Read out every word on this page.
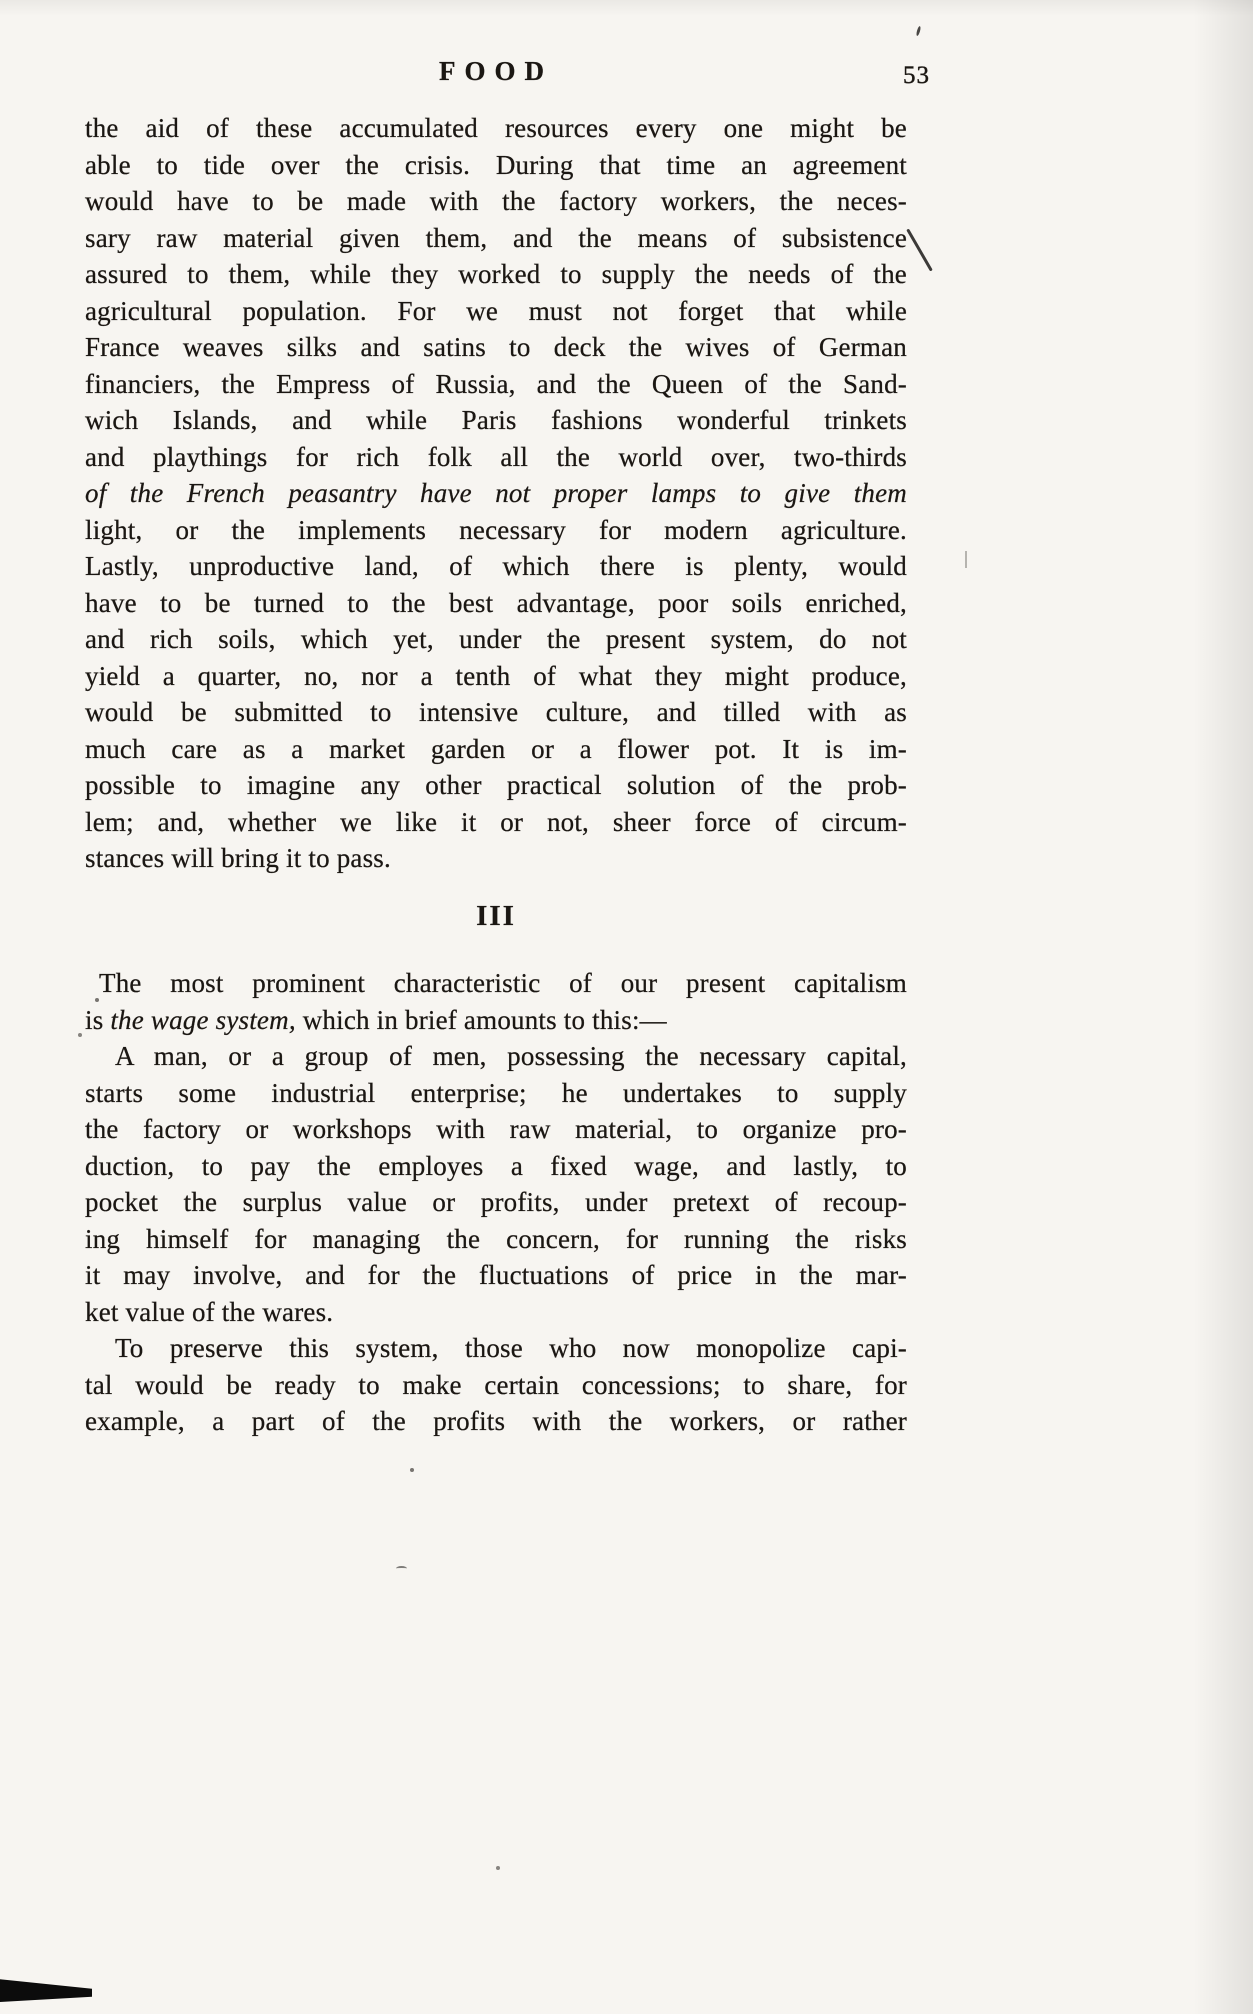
FOOD	53
the aid of these accumulated resources every one might be
able to tide over the crisis. During that time an agreement
would have to be made with the factory workers, the neces-
sary raw material given them, and the means of subsistence
assured to them, while they worked to supply the needs of the
agricultural population. For we must not forget that while
France weaves silks and satins to deck the wives of German
financiers, the Empress of Russia, and the Queen of the Sand-
wich Islands, and while Paris fashions wonderful trinkets
and playthings for rich folk all the world over, two-thirds
of the French peasantry have not proper lamps to give them
light, or the implements necessary for modern agriculture.
Lastly, unproductive land, of which there is plenty, would
have to be turned to the best advantage, poor soils enriched,
and rich soils, which yet, under the present system, do not
yield a quarter, no, nor a tenth of what they might produce,
would be submitted to intensive culture, and tilled with as
much care as a market garden or a flower pot. It is im-
possible to imagine any other practical solution of the prob-
lem; and, whether we like it or not, sheer force of circum-
stances will bring it to pass.
III
The most prominent characteristic of our present capitalism
is the wage system, which in brief amounts to this:—
A man, or a group of men, possessing the necessary capital,
starts some industrial enterprise; he undertakes to supply
the factory or workshops with raw material, to organize pro-
duction, to pay the employes a fixed wage, and lastly, to
pocket the surplus value or profits, under pretext of recoup-
ing himself for managing the concern, for running the risks
it may involve, and for the fluctuations of price in the mar-
ket value of the wares.
To preserve this system, those who now monopolize capi-
tal would be ready to make certain concessions; to share, for
example, a part of the profits with the workers, or rather
